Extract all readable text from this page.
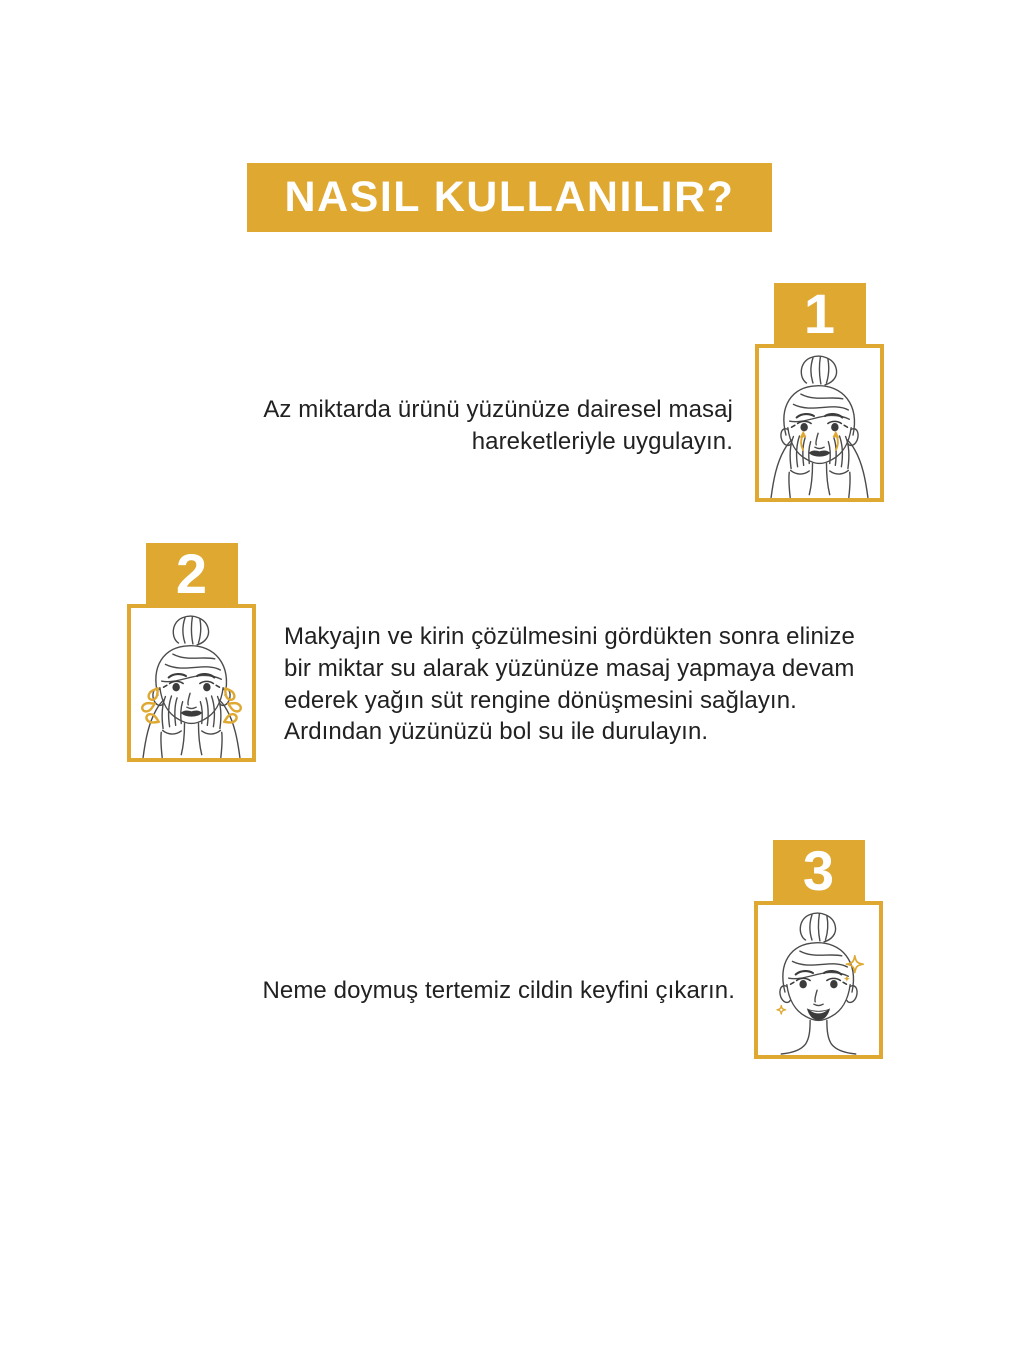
NASIL KULLANILIR?
1
Az miktarda ürünü yüzünüze dairesel masaj
hareketleriyle uygulayın.
2
Makyajın ve kirin çözülmesini gördükten sonra elinize
bir miktar su alarak yüzünüze masaj yapmaya devam
ederek yağın süt rengine dönüşmesini sağlayın.
Ardından yüzünüzü bol su ile durulayın.
3
Neme doymuş tertemiz cildin keyfini çıkarın.
